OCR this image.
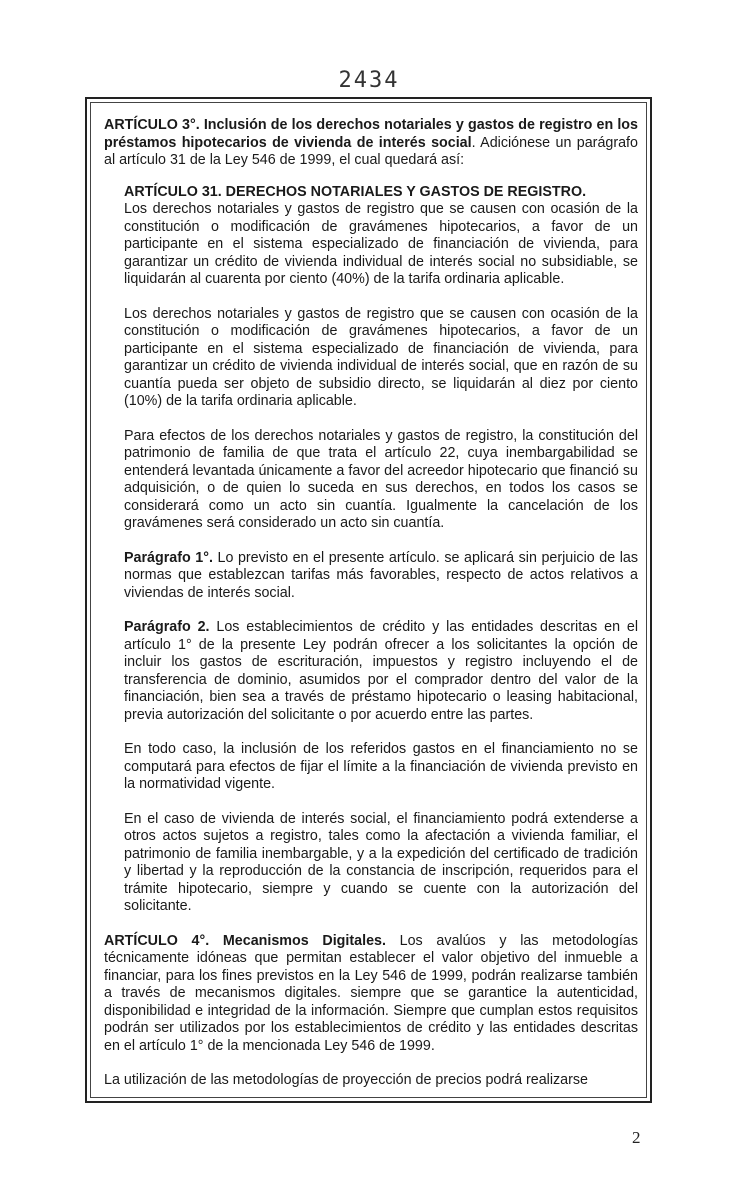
2434

ARTÍCULO 3°. Inclusión de los derechos notariales y gastos de registro en los préstamos hipotecarios de vivienda de interés social. Adiciónese un parágrafo al artículo 31 de la Ley 546 de 1999, el cual quedará así:

ARTÍCULO 31. DERECHOS NOTARIALES Y GASTOS DE REGISTRO.

Los derechos notariales y gastos de registro que se causen con ocasión de la constitución o modificación de gravámenes hipotecarios, a favor de un participante en el sistema especializado de financiación de vivienda, para garantizar un crédito de vivienda individual de interés social no subsidiable, se liquidarán al cuarenta por ciento (40%) de la tarifa ordinaria aplicable.

Los derechos notariales y gastos de registro que se causen con ocasión de la constitución o modificación de gravámenes hipotecarios, a favor de un participante en el sistema especializado de financiación de vivienda, para garantizar un crédito de vivienda individual de interés social, que en razón de su cuantía pueda ser objeto de subsidio directo, se liquidarán al diez por ciento (10%) de la tarifa ordinaria aplicable.

Para efectos de los derechos notariales y gastos de registro, la constitución del patrimonio de familia de que trata el artículo 22, cuya inembargabilidad se entenderá levantada únicamente a favor del acreedor hipotecario que financió su adquisición, o de quien lo suceda en sus derechos, en todos los casos se considerará como un acto sin cuantía. Igualmente la cancelación de los gravámenes será considerado un acto sin cuantía.

Parágrafo 1°. Lo previsto en el presente artículo. se aplicará sin perjuicio de las normas que establezcan tarifas más favorables, respecto de actos relativos a viviendas de interés social.

Parágrafo 2. Los establecimientos de crédito y las entidades descritas en el artículo 1° de la presente Ley podrán ofrecer a los solicitantes la opción de incluir los gastos de escrituración, impuestos y registro incluyendo el de transferencia de dominio, asumidos por el comprador dentro del valor de la financiación, bien sea a través de préstamo hipotecario o leasing habitacional, previa autorización del solicitante o por acuerdo entre las partes.

En todo caso, la inclusión de los referidos gastos en el financiamiento no se computará para efectos de fijar el límite a la financiación de vivienda previsto en la normatividad vigente.

En el caso de vivienda de interés social, el financiamiento podrá extenderse a otros actos sujetos a registro, tales como la afectación a vivienda familiar, el patrimonio de familia inembargable, y a la expedición del certificado de tradición y libertad y la reproducción de la constancia de inscripción, requeridos para el trámite hipotecario, siempre y cuando se cuente con la autorización del solicitante.

ARTÍCULO 4°. Mecanismos Digitales. Los avalúos y las metodologías técnicamente idóneas que permitan establecer el valor objetivo del inmueble a financiar, para los fines previstos en la Ley 546 de 1999, podrán realizarse también a través de mecanismos digitales. siempre que se garantice la autenticidad, disponibilidad e integridad de la información. Siempre que cumplan estos requisitos podrán ser utilizados por los establecimientos de crédito y las entidades descritas en el artículo 1° de la mencionada Ley 546 de 1999.

La utilización de las metodologías de proyección de precios podrá realizarse

2
